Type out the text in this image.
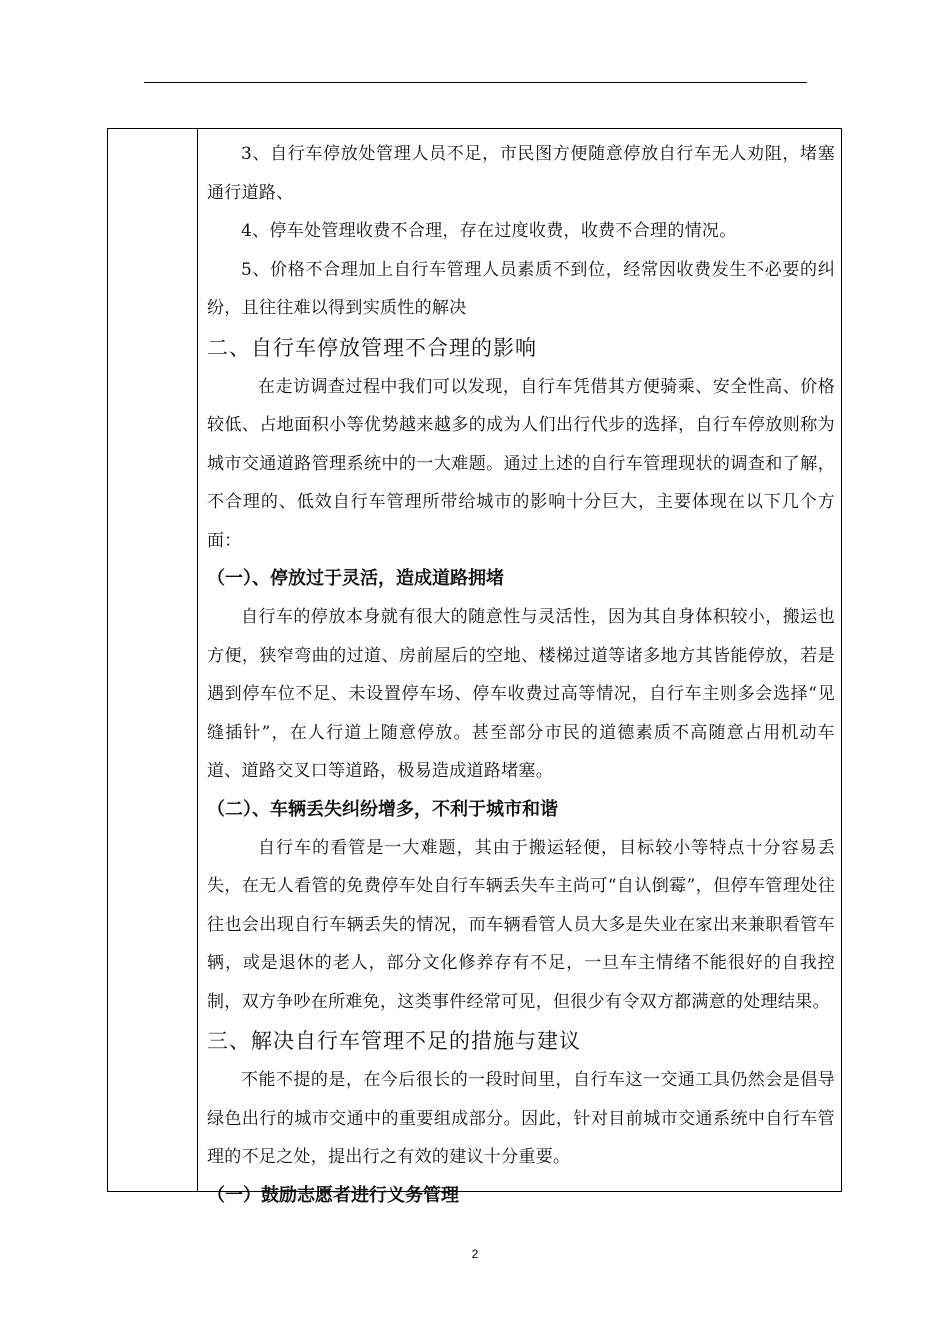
3、自行车停放处管理人员不足，市民图方便随意停放自行车无人劝阻，堵塞通行道路、

4、停车处管理收费不合理，存在过度收费，收费不合理的情况。

5、价格不合理加上自行车管理人员素质不到位，经常因收费发生不必要的纠纷，且往往难以得到实质性的解决

二、自行车停放管理不合理的影响

在走访调查过程中我们可以发现，自行车凭借其方便骑乘、安全性高、价格较低、占地面积小等优势越来越多的成为人们出行代步的选择，自行车停放则称为城市交通道路管理系统中的一大难题。通过上述的自行车管理现状的调查和了解，不合理的、低效自行车管理所带给城市的影响十分巨大，主要体现在以下几个方面：

（一）、停放过于灵活，造成道路拥堵

自行车的停放本身就有很大的随意性与灵活性，因为其自身体积较小，搬运也方便，狭窄弯曲的过道、房前屋后的空地、楼梯过道等诸多地方其皆能停放，若是遇到停车位不足、未设置停车场、停车收费过高等情况，自行车主则多会选择“见缝插针”，在人行道上随意停放。甚至部分市民的道德素质不高随意占用机动车道、道路交叉口等道路，极易造成道路堵塞。

（二）、车辆丢失纠纷增多，不利于城市和谐

自行车的看管是一大难题，其由于搬运轻便，目标较小等特点十分容易丢失，在无人看管的免费停车处自行车辆丢失车主尚可“自认倒霉”，但停车管理处往往也会出现自行车辆丢失的情况，而车辆看管人员大多是失业在家出来兼职看管车辆，或是退休的老人，部分文化修养存有不足，一旦车主情绪不能很好的自我控制，双方争吵在所难免，这类事件经常可见，但很少有令双方都满意的处理结果。

三、解决自行车管理不足的措施与建议

不能不提的是，在今后很长的一段时间里，自行车这一交通工具仍然会是倡导绿色出行的城市交通中的重要组成部分。因此，针对目前城市交通系统中自行车管理的不足之处，提出行之有效的建议十分重要。

（一）鼓励志愿者进行义务管理
2
